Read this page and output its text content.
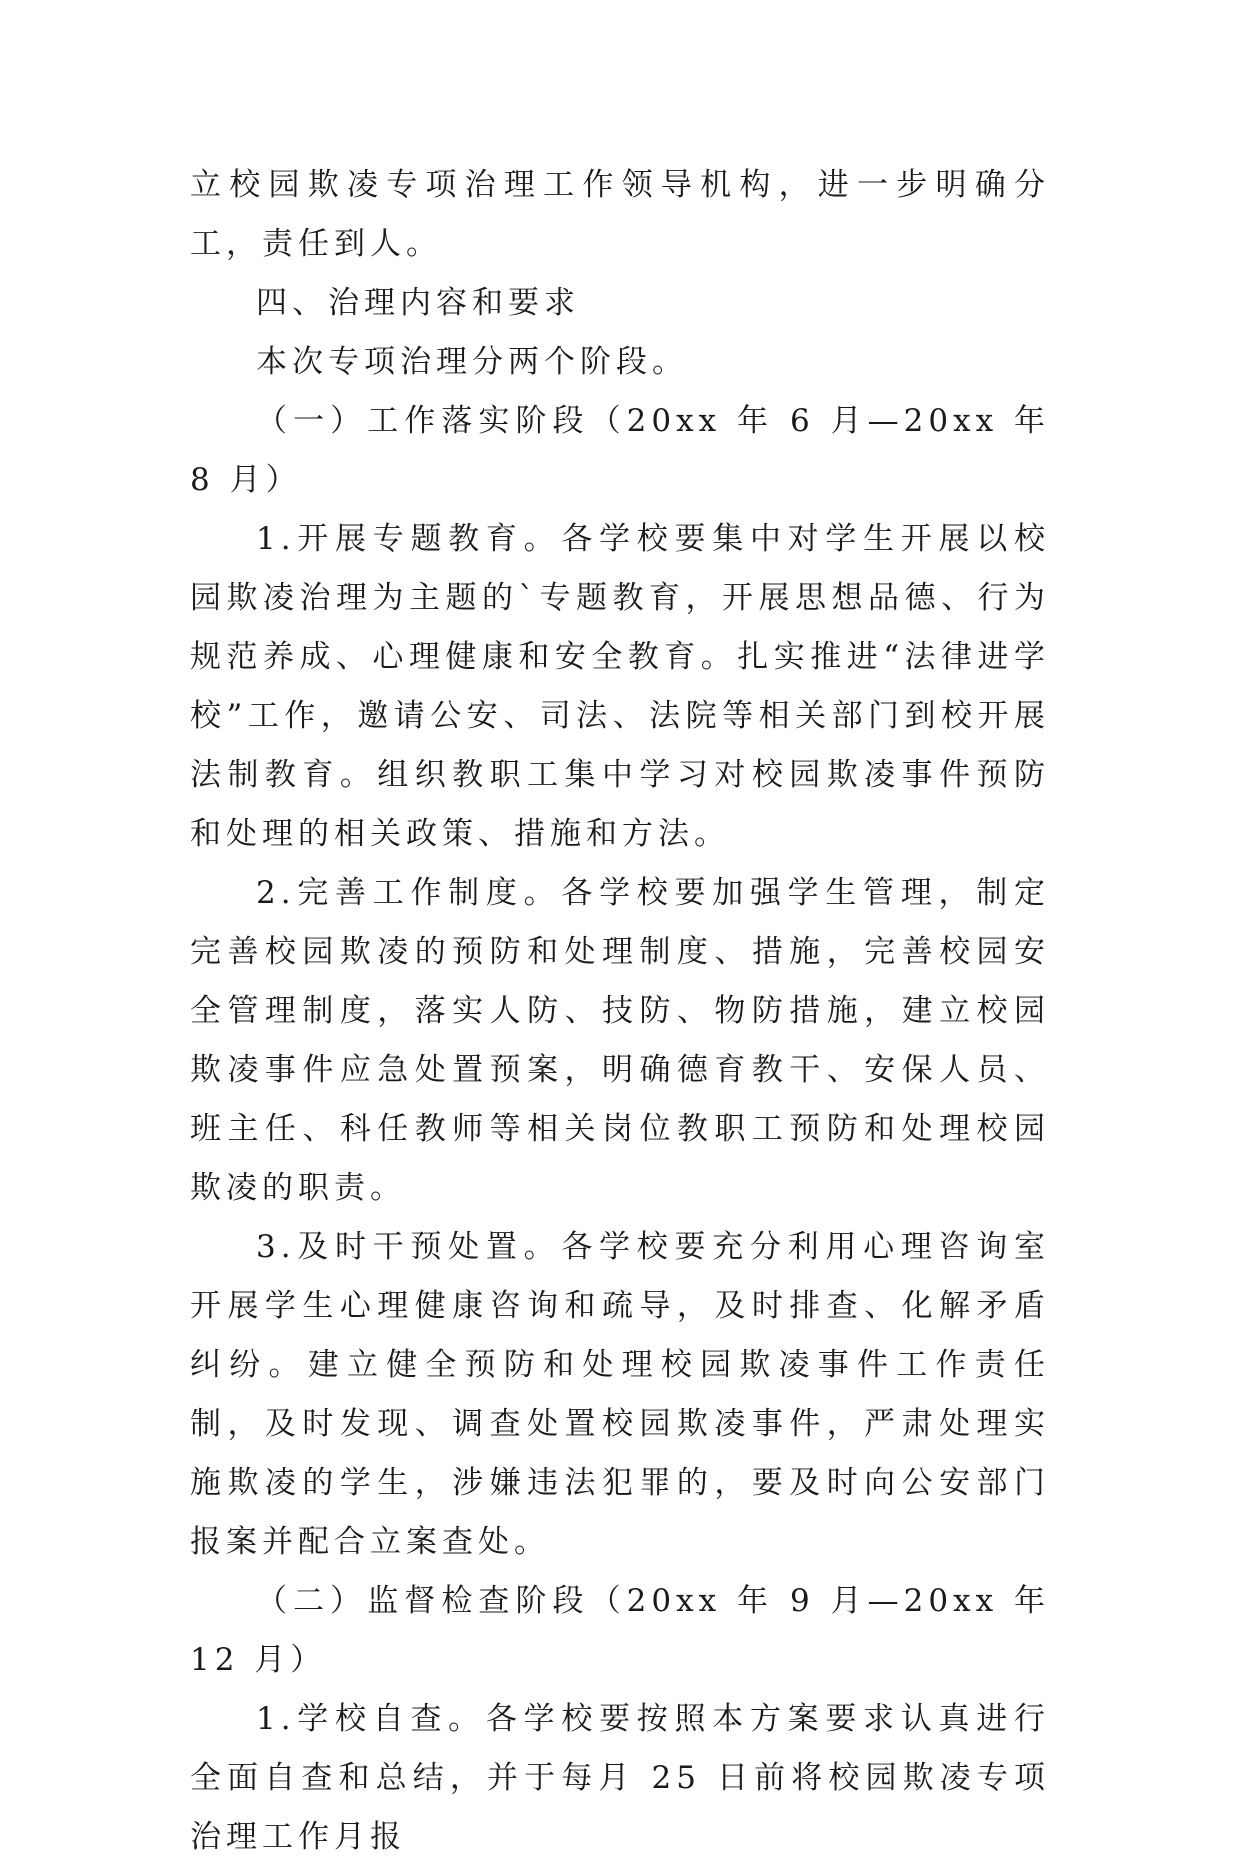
立校园欺凌专项治理工作领导机构，进一步明确分工，责任到人。

四、治理内容和要求

本次专项治理分两个阶段。

（一）工作落实阶段（20xx 年 6 月—20xx 年 8 月）

1.开展专题教育。各学校要集中对学生开展以校园欺凌治理为主题的`专题教育，开展思想品德、行为规范养成、心理健康和安全教育。扎实推进“法律进学校”工作，邀请公安、司法、法院等相关部门到校开展法制教育。组织教职工集中学习对校园欺凌事件预防和处理的相关政策、措施和方法。

2.完善工作制度。各学校要加强学生管理，制定完善校园欺凌的预防和处理制度、措施，完善校园安全管理制度，落实人防、技防、物防措施，建立校园欺凌事件应急处置预案，明确德育教干、安保人员、班主任、科任教师等相关岗位教职工预防和处理校园欺凌的职责。

3.及时干预处置。各学校要充分利用心理咨询室开展学生心理健康咨询和疏导，及时排查、化解矛盾纠纷。建立健全预防和处理校园欺凌事件工作责任制，及时发现、调查处置校园欺凌事件，严肃处理实施欺凌的学生，涉嫌违法犯罪的，要及时向公安部门报案并配合立案查处。

（二）监督检查阶段（20xx 年 9 月—20xx 年 12 月）

1.学校自查。各学校要按照本方案要求认真进行全面自查和总结，并于每月 25 日前将校园欺凌专项治理工作月报
